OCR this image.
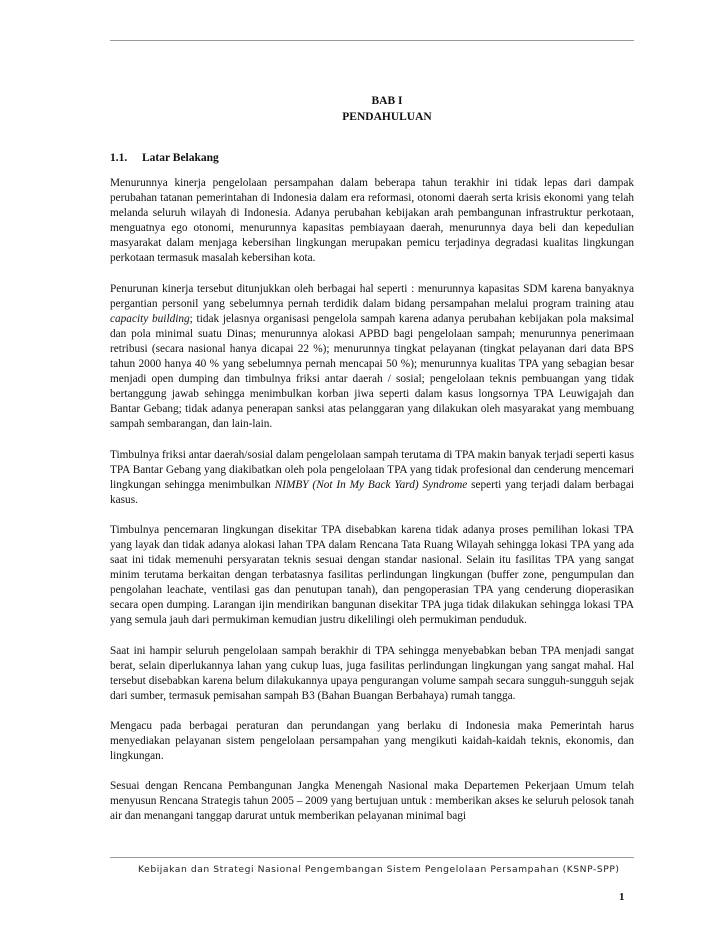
BAB I
PENDAHULUAN
1.1. Latar Belakang

Menurunnya kinerja pengelolaan persampahan dalam beberapa tahun terakhir ini tidak lepas dari dampak perubahan tatanan pemerintahan di Indonesia dalam era reformasi, otonomi daerah serta krisis ekonomi yang telah melanda seluruh wilayah di Indonesia. Adanya perubahan kebijakan arah pembangunan infrastruktur perkotaan, menguatnya ego otonomi, menurunnya kapasitas pembiayaan daerah, menurunnya daya beli dan kepedulian masyarakat dalam menjaga kebersihan lingkungan merupakan pemicu terjadinya degradasi kualitas lingkungan perkotaan termasuk masalah kebersihan kota.

Penurunan kinerja tersebut ditunjukkan oleh berbagai hal seperti : menurunnya kapasitas SDM karena banyaknya pergantian personil yang sebelumnya pernah terdidik dalam bidang persampahan melalui program training atau capacity building; tidak jelasnya organisasi pengelola sampah karena adanya perubahan kebijakan pola maksimal dan pola minimal suatu Dinas; menurunnya alokasi APBD bagi pengelolaan sampah; menurunnya penerimaan retribusi (secara nasional hanya dicapai 22 %); menurunnya tingkat pelayanan (tingkat pelayanan dari data BPS tahun 2000 hanya 40 % yang sebelumnya pernah mencapai 50 %); menurunnya kualitas TPA yang sebagian besar menjadi open dumping dan timbulnya friksi antar daerah / sosial; pengelolaan teknis pembuangan yang tidak bertanggung jawab sehingga menimbulkan korban jiwa seperti dalam kasus longsornya TPA Leuwigajah dan Bantar Gebang; tidak adanya penerapan sanksi atas pelanggaran yang dilakukan oleh masyarakat yang membuang sampah sembarangan, dan lain-lain.

Timbulnya friksi antar daerah/sosial dalam pengelolaan sampah terutama di TPA makin banyak terjadi seperti kasus TPA Bantar Gebang yang diakibatkan oleh pola pengelolaan TPA yang tidak profesional dan cenderung mencemari lingkungan sehingga menimbulkan NIMBY (Not In My Back Yard) Syndrome seperti yang terjadi dalam berbagai kasus.

Timbulnya pencemaran lingkungan disekitar TPA disebabkan karena tidak adanya proses pemilihan lokasi TPA yang layak dan tidak adanya alokasi lahan TPA dalam Rencana Tata Ruang Wilayah sehingga lokasi TPA yang ada saat ini tidak memenuhi persyaratan teknis sesuai dengan standar nasional. Selain itu fasilitas TPA yang sangat minim terutama berkaitan dengan terbatasnya fasilitas perlindungan lingkungan (buffer zone, pengumpulan dan pengolahan leachate, ventilasi gas dan penutupan tanah), dan pengoperasian TPA yang cenderung dioperasikan secara open dumping. Larangan ijin mendirikan bangunan disekitar TPA juga tidak dilakukan sehingga lokasi TPA yang semula jauh dari permukiman kemudian justru dikelilingi oleh permukiman penduduk.

Saat ini hampir seluruh pengelolaan sampah berakhir di TPA sehingga menyebabkan beban TPA menjadi sangat berat, selain diperlukannya lahan yang cukup luas, juga fasilitas perlindungan lingkungan yang sangat mahal. Hal tersebut disebabkan karena belum dilakukannya upaya pengurangan volume sampah secara sungguh-sungguh sejak dari sumber, termasuk pemisahan sampah B3 (Bahan Buangan Berbahaya) rumah tangga.

Mengacu pada berbagai peraturan dan perundangan yang berlaku di Indonesia maka Pemerintah harus menyediakan pelayanan sistem pengelolaan persampahan yang mengikuti kaidah-kaidah teknis, ekonomis, dan lingkungan.

Sesuai dengan Rencana Pembangunan Jangka Menengah Nasional maka Departemen Pekerjaan Umum telah menyusun Rencana Strategis tahun 2005 – 2009 yang bertujuan untuk : memberikan akses ke seluruh pelosok tanah air dan menangani tanggap darurat untuk memberikan pelayanan minimal bagi

Kebijakan dan Strategi Nasional Pengembangan Sistem Pengelolaan Persampahan (KSNP-SPP)
1
